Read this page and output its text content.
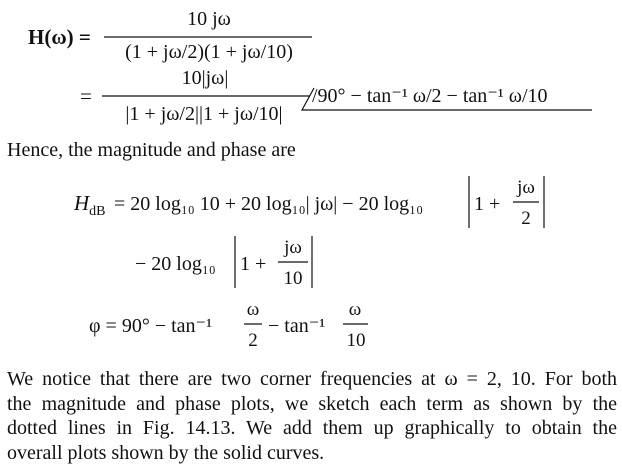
H(ω) =
10 jω
(1 + jω/2)(1 + jω/10)
=
10|jω|
|1 + jω/2||1 + jω/10|
/90° − tan⁻¹ ω/2 − tan⁻¹ ω/10
$H_{dB} = 20$ log₁₀ 10 + 20 log₁₀| jω| − 20 log₁₀	1 +
jω
2
− 20 log₁₀ 1 +
jω
10
φ = 90° − tan⁻¹
ω
2
− tan⁻¹
ω
10
Hence, the magnitude and phase are
We notice that there are two corner frequencies at ω = 2, 10. For both
the magnitude and phase plots, we sketch each term as shown by the
dotted lines in Fig. 14.13. We add them up graphically to obtain the
overall plots shown by the solid curves.
